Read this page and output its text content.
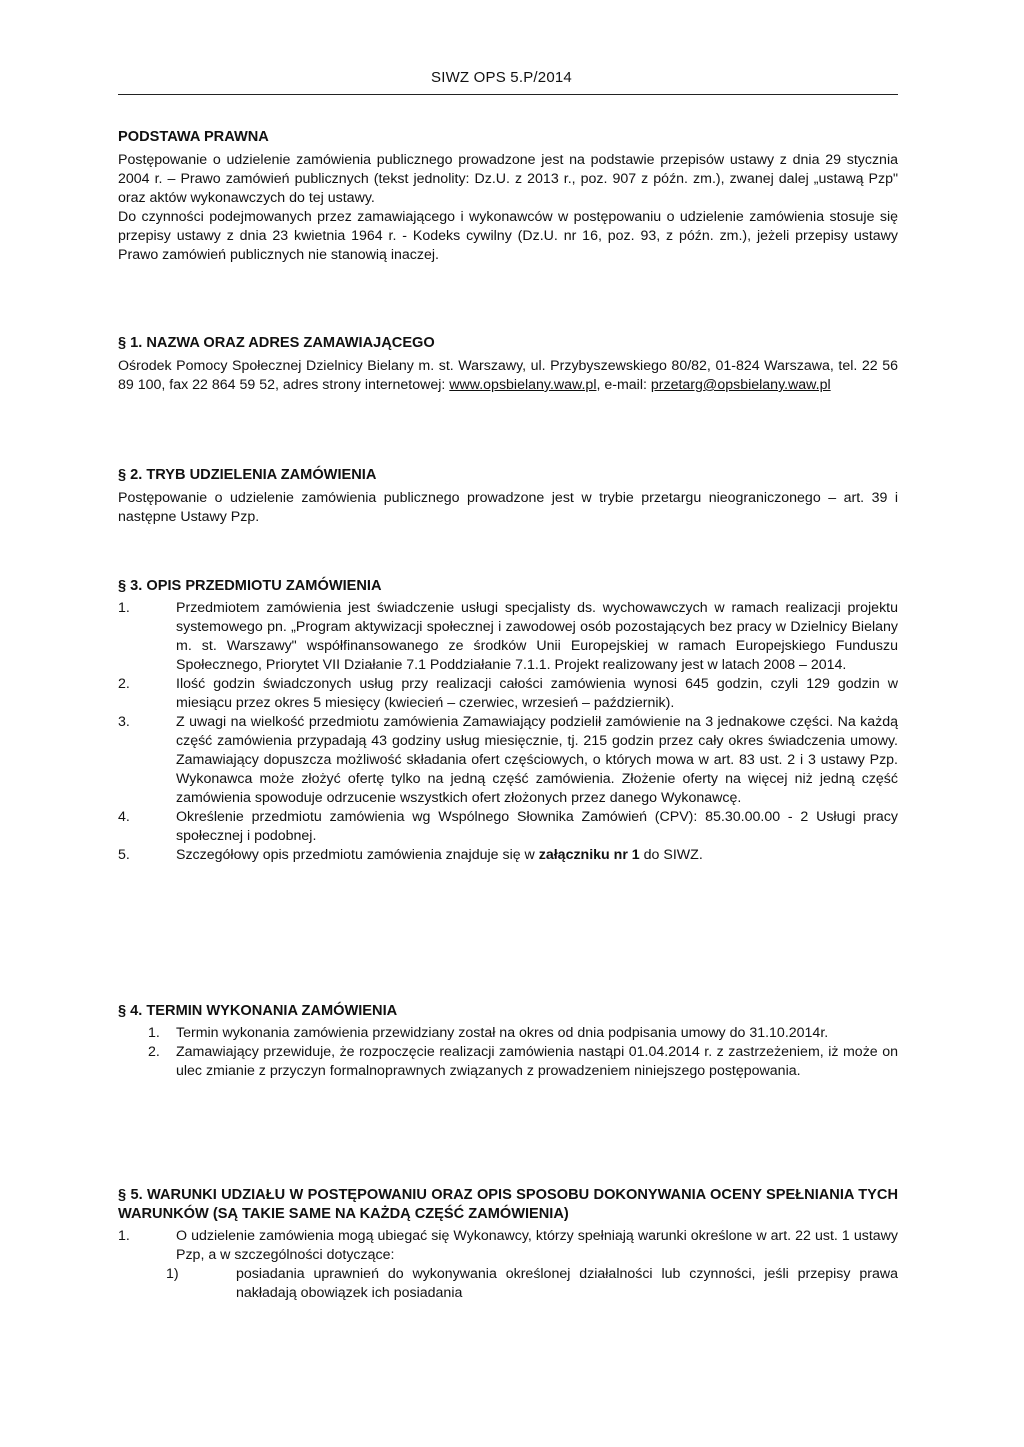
SIWZ OPS 5.P/2014

PODSTAWA PRAWNA

Postępowanie o udzielenie zamówienia publicznego prowadzone jest na podstawie przepisów ustawy z dnia 29 stycznia 2004 r. – Prawo zamówień publicznych (tekst jednolity: Dz.U. z 2013 r., poz. 907 z późn. zm.), zwanej dalej „ustawą Pzp" oraz aktów wykonawczych do tej ustawy.

Do czynności podejmowanych przez zamawiającego i wykonawców w postępowaniu o udzielenie zamówienia stosuje się przepisy ustawy z dnia 23 kwietnia 1964 r. - Kodeks cywilny (Dz.U. nr 16, poz. 93, z późn. zm.), jeżeli przepisy ustawy Prawo zamówień publicznych nie stanowią inaczej.

§ 1. NAZWA ORAZ ADRES ZAMAWIAJĄCEGO

Ośrodek Pomocy Społecznej Dzielnicy Bielany m. st. Warszawy, ul. Przybyszewskiego 80/82, 01-824 Warszawa, tel. 22 56 89 100, fax 22 864 59 52, adres strony internetowej: www.opsbielany.waw.pl, e-mail: przetarg@opsbielany.waw.pl

§ 2. TRYB UDZIELENIA ZAMÓWIENIA

Postępowanie o udzielenie zamówienia publicznego prowadzone jest w trybie przetargu nieograniczonego – art. 39 i następne Ustawy Pzp.

§ 3. OPIS PRZEDMIOTU ZAMÓWIENIA

1.	Przedmiotem zamówienia jest świadczenie usługi specjalisty ds. wychowawczych w ramach realizacji projektu systemowego pn. „Program aktywizacji społecznej i zawodowej osób pozostających bez pracy w Dzielnicy Bielany m. st. Warszawy" współfinansowanego ze środków Unii Europejskiej w ramach Europejskiego Funduszu Społecznego, Priorytet VII Działanie 7.1 Poddziałanie 7.1.1. Projekt realizowany jest w latach 2008 – 2014.
2.	Ilość godzin świadczonych usług przy realizacji całości zamówienia wynosi 645 godzin, czyli 129 godzin w miesiącu przez okres 5 miesięcy (kwiecień – czerwiec, wrzesień – październik).
3.	Z uwagi na wielkość przedmiotu zamówienia Zamawiający podzielił zamówienie na 3 jednakowe części. Na każdą część zamówienia przypadają 43 godziny usług miesięcznie, tj. 215 godzin przez cały okres świadczenia umowy. Zamawiający dopuszcza możliwość składania ofert częściowych, o których mowa w art. 83 ust. 2 i 3 ustawy Pzp. Wykonawca może złożyć ofertę tylko na jedną część zamówienia. Złożenie oferty na więcej niż jedną część zamówienia spowoduje odrzucenie wszystkich ofert złożonych przez danego Wykonawcę.
4.	Określenie przedmiotu zamówienia wg Wspólnego Słownika Zamówień (CPV): 85.30.00.00 - 2 Usługi pracy społecznej i podobnej.
5.	Szczegółowy opis przedmiotu zamówienia znajduje się w załączniku nr 1 do SIWZ.

§ 4. TERMIN WYKONANIA ZAMÓWIENIA

1. Termin wykonania zamówienia przewidziany został na okres od dnia podpisania umowy do 31.10.2014r.
2. Zamawiający przewiduje, że rozpoczęcie realizacji zamówienia nastąpi 01.04.2014 r. z zastrzeżeniem, iż może on ulec zmianie z przyczyn formalnoprawnych związanych z prowadzeniem niniejszego postępowania.

§ 5. WARUNKI UDZIAŁU W POSTĘPOWANIU ORAZ OPIS SPOSOBU DOKONYWANIA OCENY SPEŁNIANIA TYCH WARUNKÓW (SĄ TAKIE SAME NA KAŻDĄ CZĘŚĆ ZAMÓWIENIA)

1.	O udzielenie zamówienia mogą ubiegać się Wykonawcy, którzy spełniają warunki określone w art. 22 ust. 1 ustawy Pzp, a w szczególności dotyczące:
1)	posiadania uprawnień do wykonywania określonej działalności lub czynności, jeśli przepisy prawa nakładają obowiązek ich posiadania
